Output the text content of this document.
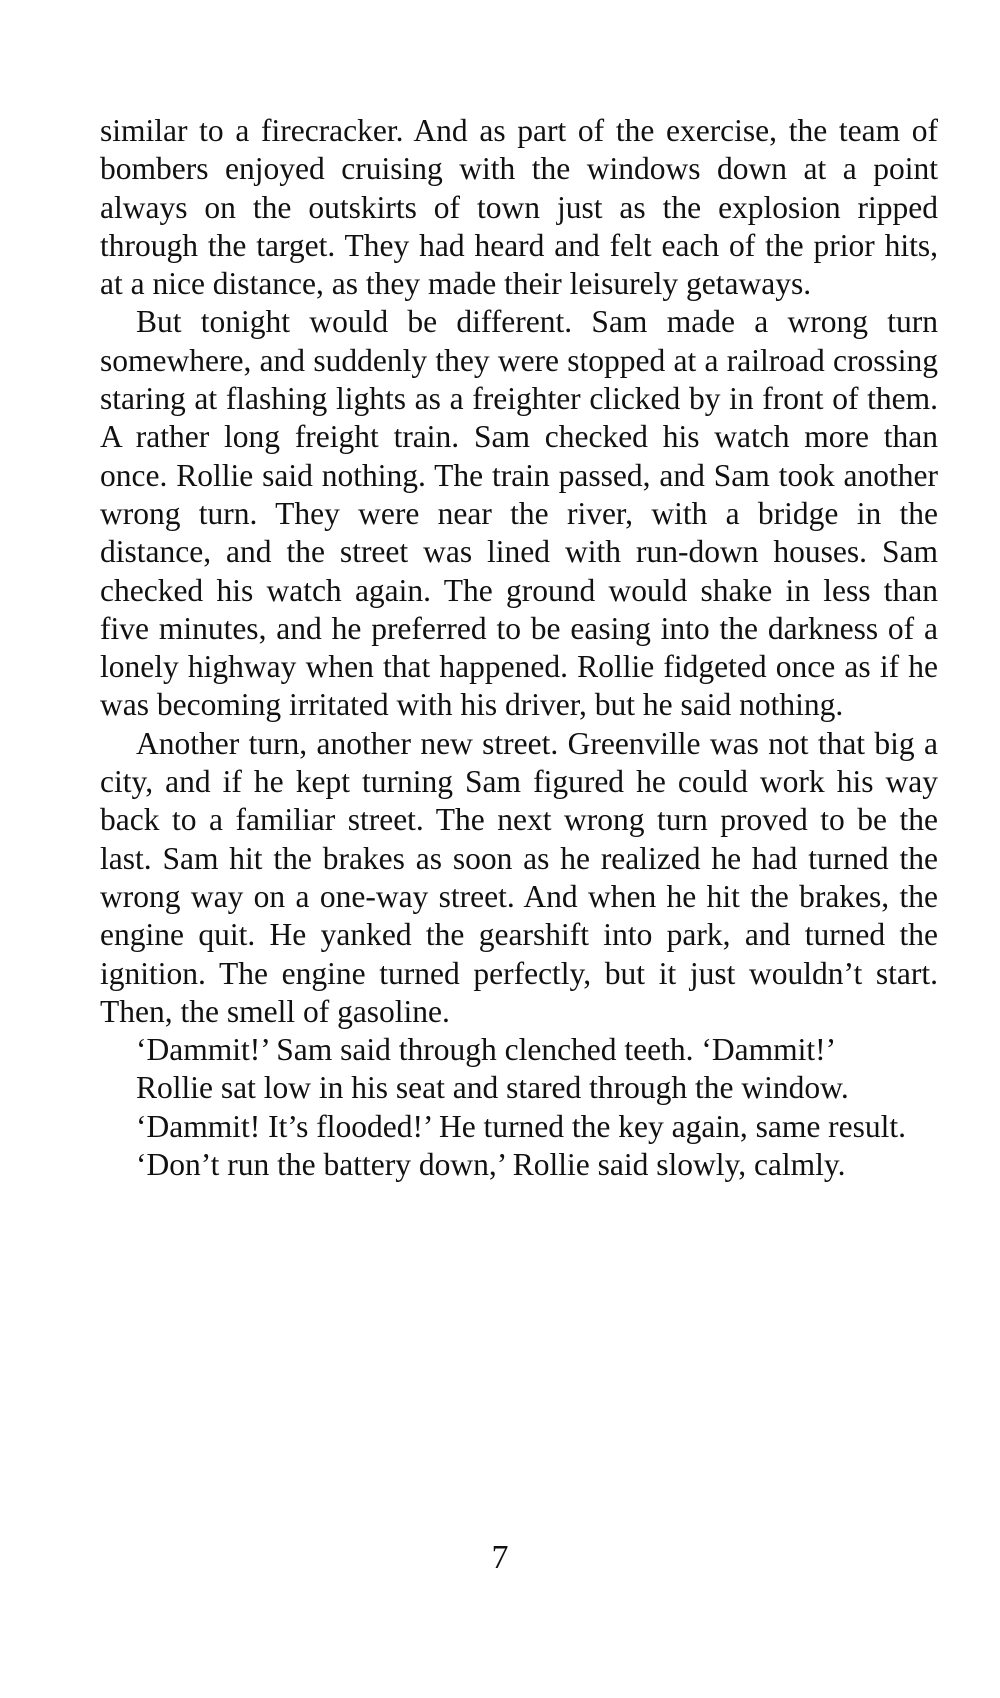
similar to a firecracker. And as part of the exercise, the team of bombers enjoyed cruising with the windows down at a point always on the outskirts of town just as the explosion ripped through the target. They had heard and felt each of the prior hits, at a nice distance, as they made their leisurely getaways.

But tonight would be different. Sam made a wrong turn somewhere, and suddenly they were stopped at a railroad crossing staring at flashing lights as a freighter clicked by in front of them. A rather long freight train. Sam checked his watch more than once. Rollie said nothing. The train passed, and Sam took another wrong turn. They were near the river, with a bridge in the distance, and the street was lined with run-down houses. Sam checked his watch again. The ground would shake in less than five minutes, and he preferred to be easing into the darkness of a lonely highway when that happened. Rollie fidgeted once as if he was becoming irritated with his driver, but he said nothing.

Another turn, another new street. Greenville was not that big a city, and if he kept turning Sam figured he could work his way back to a familiar street. The next wrong turn proved to be the last. Sam hit the brakes as soon as he realized he had turned the wrong way on a one-way street. And when he hit the brakes, the engine quit. He yanked the gearshift into park, and turned the ignition. The engine turned perfectly, but it just wouldn’t start. Then, the smell of gasoline.

‘Dammit!’ Sam said through clenched teeth. ‘Dammit!’

Rollie sat low in his seat and stared through the window.

‘Dammit! It’s flooded!’ He turned the key again, same result.

‘Don’t run the battery down,’ Rollie said slowly, calmly.

7
